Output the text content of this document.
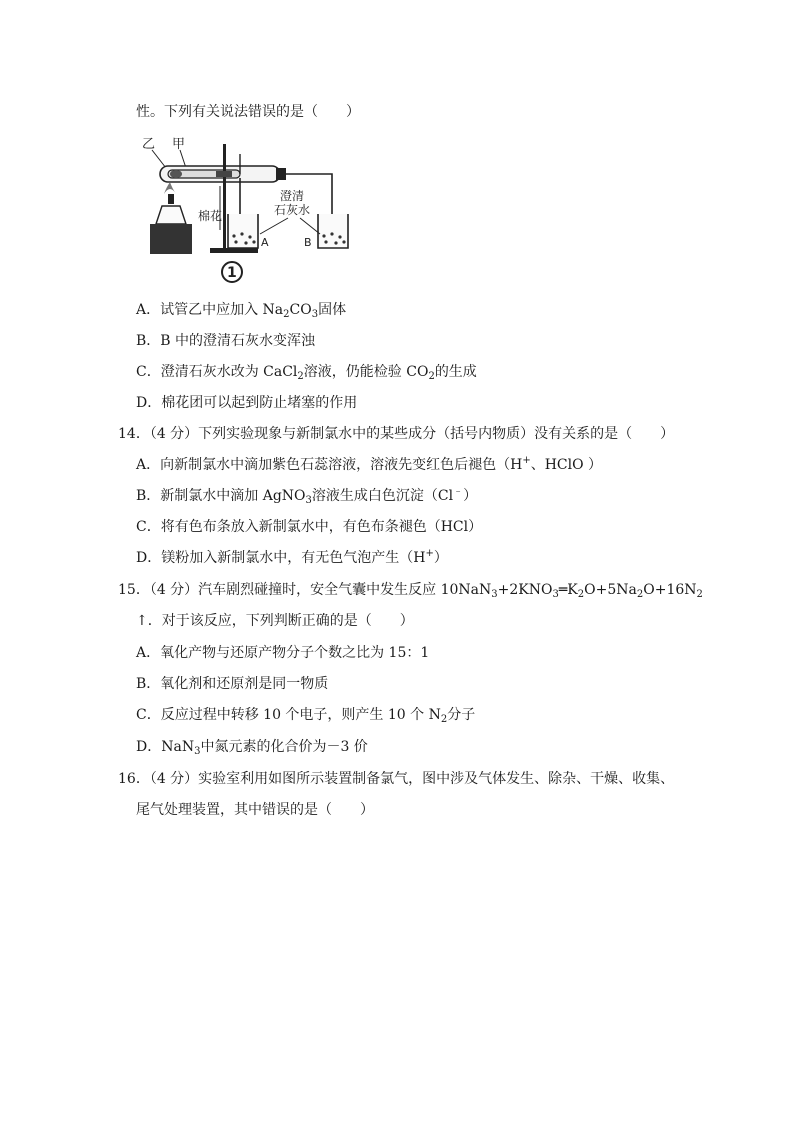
性。下列有关说法错误的是（　　）
乙 甲
棉花
A	B
澄清
石灰水
1
A．试管乙中应加入 $Na_2CO_3$固体
B．B 中的澄清石灰水变浑浊
C．澄清石灰水改为 CaCl$_2$溶液，仍能检验 $CO_2$的生成
D．棉花团可以起到防止堵塞的作用
14．（4 分）下列实验现象与新制氯水中的某些成分（括号内物质）没有关系的是（　　）
A．向新制氯水中滴加紫色石蕊溶液，溶液先变红色后褪色（H+、HClO ）
B．新制氯水中滴加 AgNO$_3$溶液生成白色沉淀（Cl﹣）
C．将有色布条放入新制氯水中，有色布条褪色（HCl）
D．镁粉加入新制氯水中，有无色气泡产生（H+）
15．（4 分）汽车剧烈碰撞时，安全气囊中发生反应 $10NaN_3+2KNO_3═K_2O+5Na_2O+16N_2$
↑．对于该反应，下列判断正确的是（　　）
A．氧化产物与还原产物分子个数之比为 15：1
B．氧化剂和还原剂是同一物质
C．反应过程中转移 10 个电子，则产生 10 个 $N_2$分子
D．NaN$_3$中氮元素的化合价为－3 价
16．（4 分）实验室利用如图所示装置制备氯气，图中涉及气体发生、除杂、干燥、收集、
尾气处理装置，其中错误的是（　　）
